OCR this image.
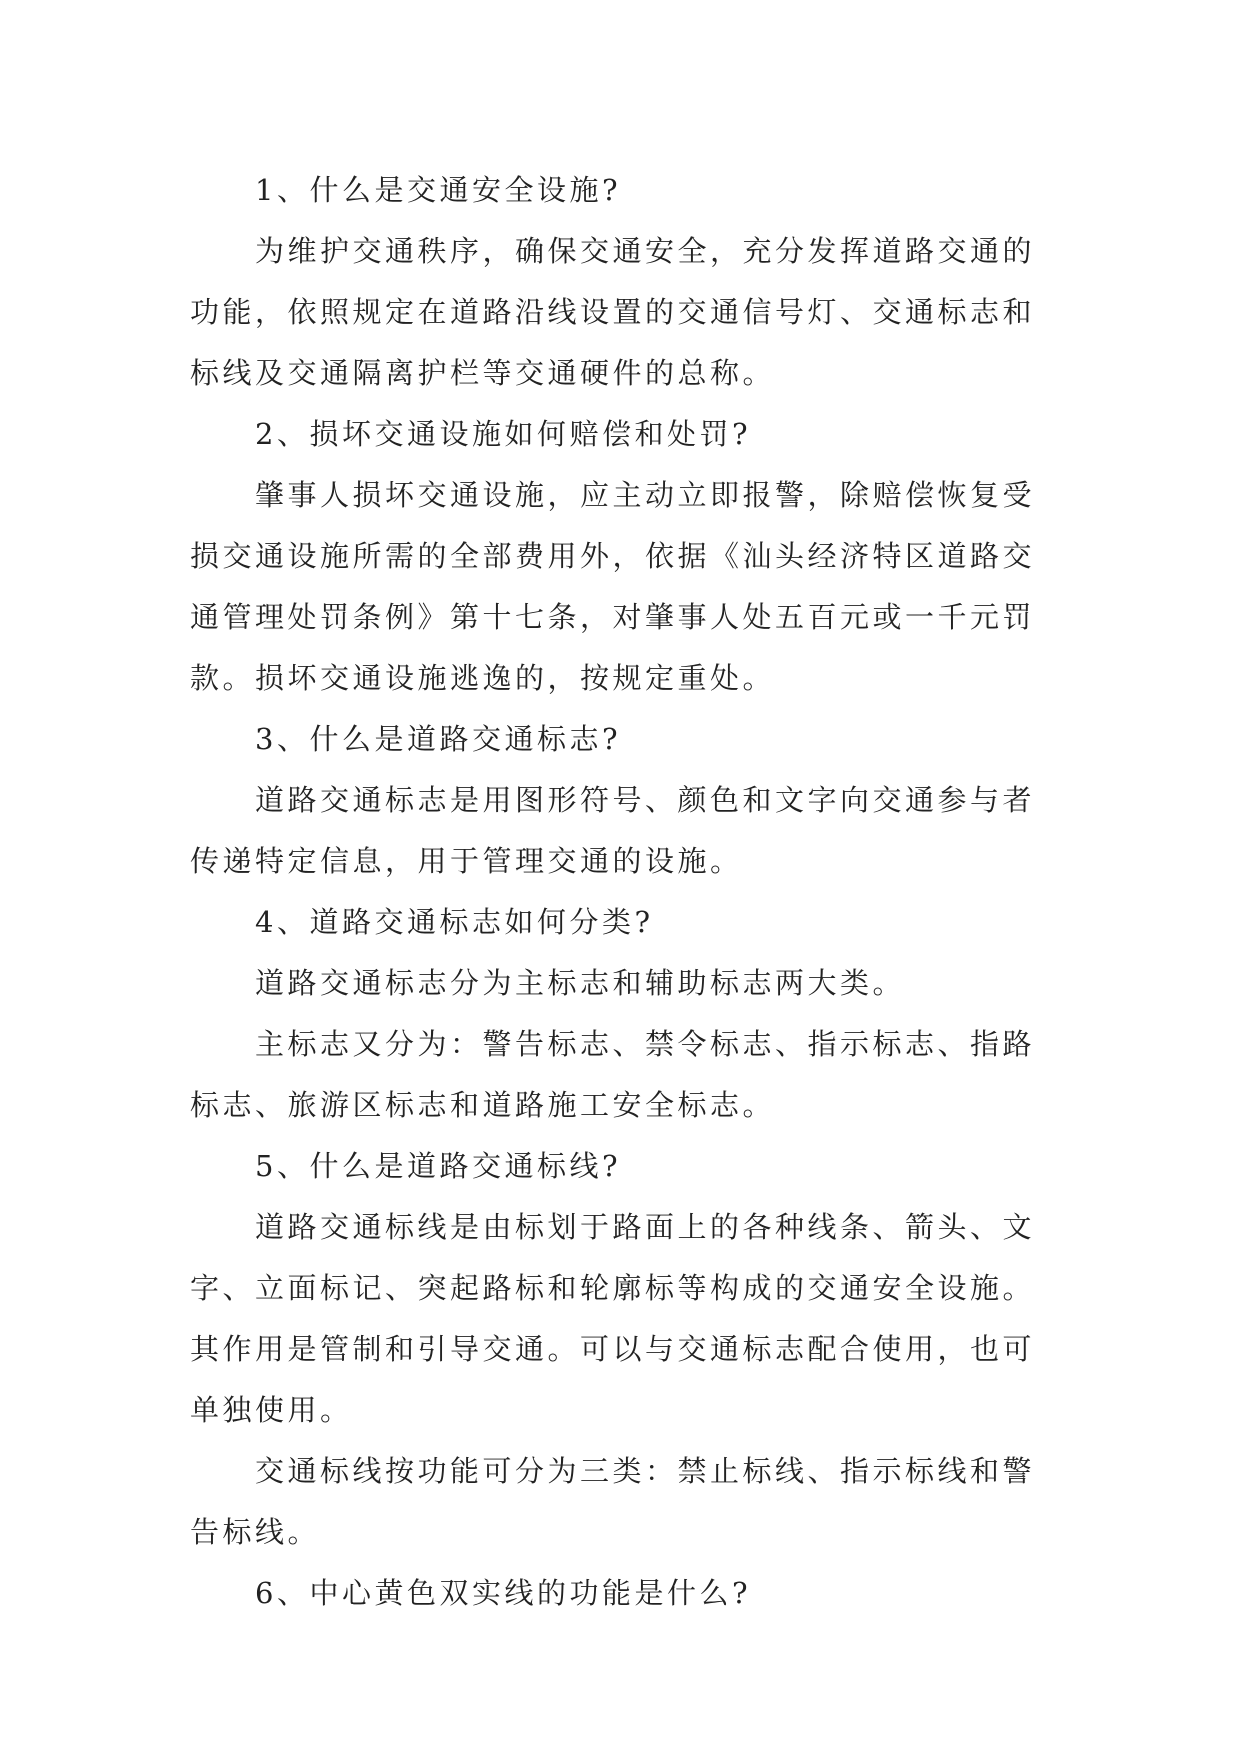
1、什么是交通安全设施?
为维护交通秩序，确保交通安全，充分发挥道路交通的
功能，依照规定在道路沿线设置的交通信号灯、交通标志和
标线及交通隔离护栏等交通硬件的总称。
2、损坏交通设施如何赔偿和处罚?
肇事人损坏交通设施，应主动立即报警，除赔偿恢复受
损交通设施所需的全部费用外，依据《汕头经济特区道路交
通管理处罚条例》第十七条，对肇事人处五百元或一千元罚
款。损坏交通设施逃逸的，按规定重处。
3、什么是道路交通标志?
道路交通标志是用图形符号、颜色和文字向交通参与者
传递特定信息，用于管理交通的设施。
4、道路交通标志如何分类?
道路交通标志分为主标志和辅助标志两大类。
主标志又分为：警告标志、禁令标志、指示标志、指路
标志、旅游区标志和道路施工安全标志。
5、什么是道路交通标线?
道路交通标线是由标划于路面上的各种线条、箭头、文
字、立面标记、突起路标和轮廓标等构成的交通安全设施。
其作用是管制和引导交通。可以与交通标志配合使用，也可
单独使用。
交通标线按功能可分为三类：禁止标线、指示标线和警
告标线。
6、中心黄色双实线的功能是什么?
